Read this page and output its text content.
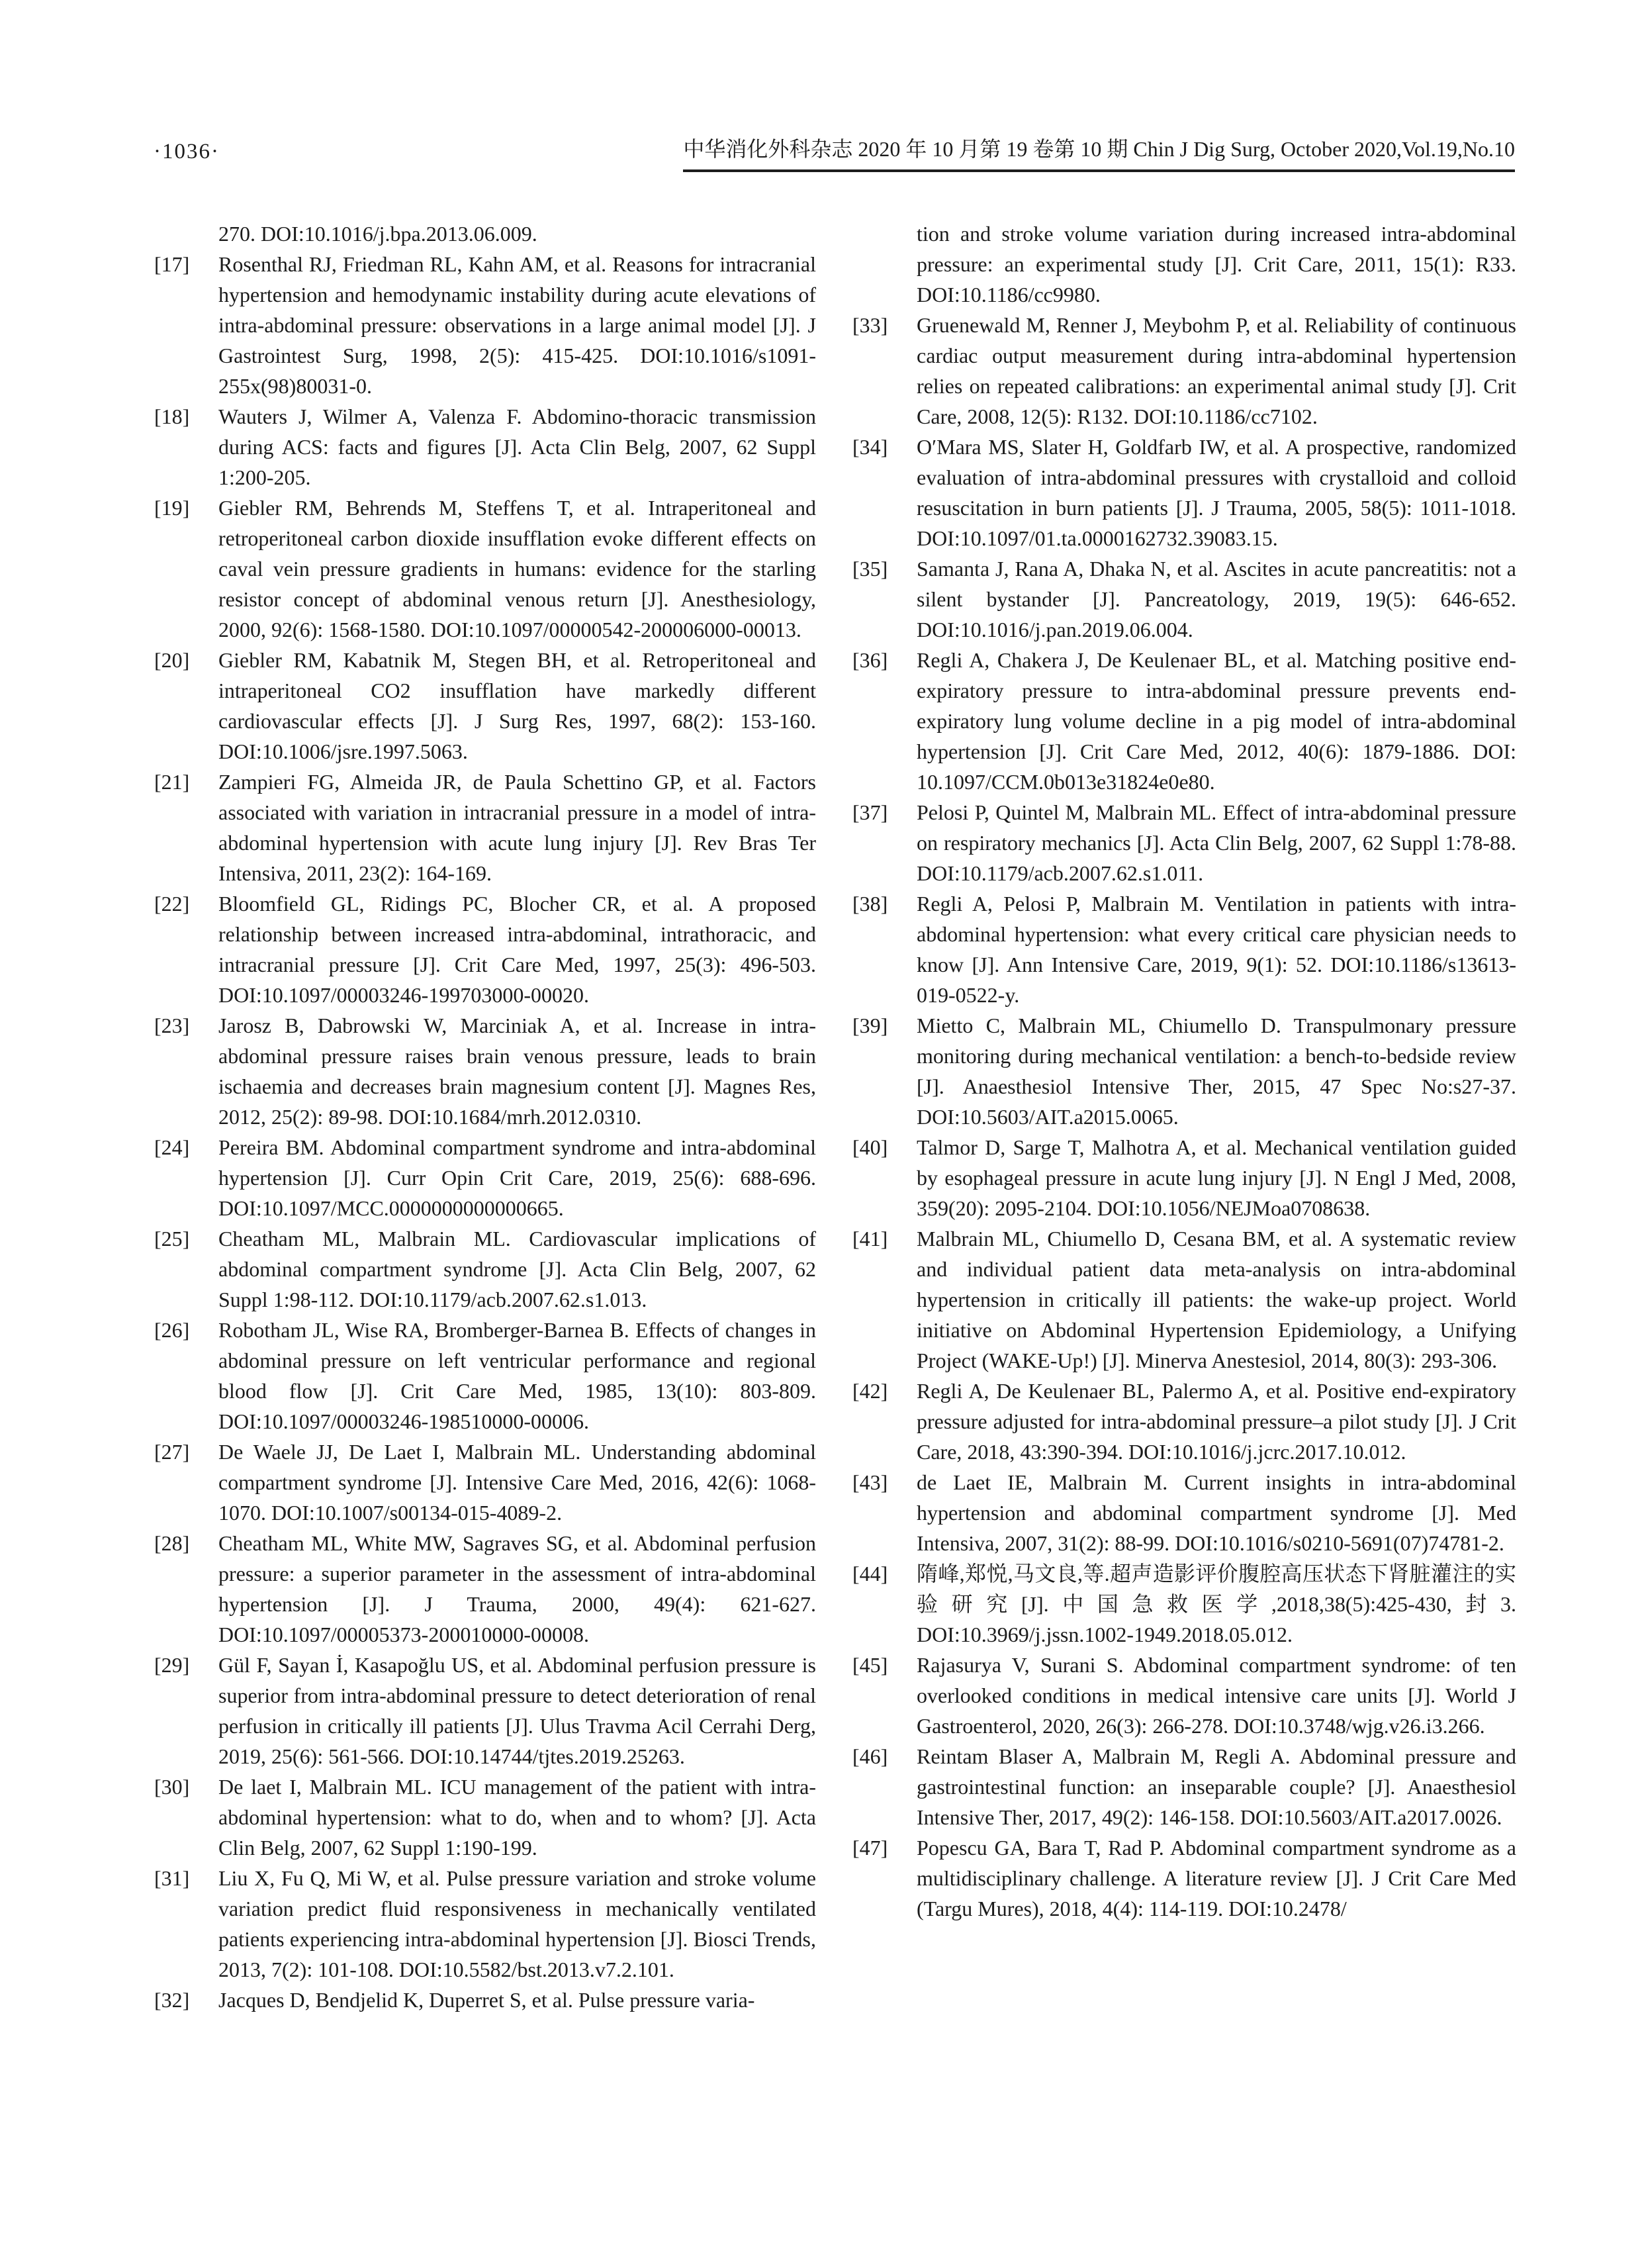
·1036·	中华消化外科杂志 2020 年 10 月第 19 卷第 10 期 Chin J Dig Surg, October 2020,Vol.19,No.10
270. DOI:10.1016/j.bpa.2013.06.009.
[17]	Rosenthal RJ, Friedman RL, Kahn AM, et al. Reasons for intracranial hypertension and hemodynamic instability during acute elevations of intra-abdominal pressure: observations in a large animal model [J]. J Gastrointest Surg, 1998, 2(5): 415-425. DOI:10.1016/s1091-255x(98)80031-0.
[18]	Wauters J, Wilmer A, Valenza F. Abdomino-thoracic transmission during ACS: facts and figures [J]. Acta Clin Belg, 2007, 62 Suppl 1:200-205.
[19]	Giebler RM, Behrends M, Steffens T, et al. Intraperitoneal and retroperitoneal carbon dioxide insufflation evoke different effects on caval vein pressure gradients in humans: evidence for the starling resistor concept of abdominal venous return [J]. Anesthesiology, 2000, 92(6): 1568-1580. DOI:10.1097/00000542-200006000-00013.
[20]	Giebler RM, Kabatnik M, Stegen BH, et al. Retroperitoneal and intraperitoneal CO2 insufflation have markedly different cardiovascular effects [J]. J Surg Res, 1997, 68(2): 153-160. DOI:10.1006/jsre.1997.5063.
[21]	Zampieri FG, Almeida JR, de Paula Schettino GP, et al. Factors associated with variation in intracranial pressure in a model of intra-abdominal hypertension with acute lung injury [J]. Rev Bras Ter Intensiva, 2011, 23(2): 164-169.
[22]	Bloomfield GL, Ridings PC, Blocher CR, et al. A proposed relationship between increased intra-abdominal, intrathoracic, and intracranial pressure [J]. Crit Care Med, 1997, 25(3): 496-503. DOI:10.1097/00003246-199703000-00020.
[23]	Jarosz B, Dabrowski W, Marciniak A, et al. Increase in intra-abdominal pressure raises brain venous pressure, leads to brain ischaemia and decreases brain magnesium content [J]. Magnes Res, 2012, 25(2): 89-98. DOI:10.1684/mrh.2012.0310.
[24]	Pereira BM. Abdominal compartment syndrome and intra-abdominal hypertension [J]. Curr Opin Crit Care, 2019, 25(6): 688-696. DOI:10.1097/MCC.0000000000000665.
[25]	Cheatham ML, Malbrain ML. Cardiovascular implications of abdominal compartment syndrome [J]. Acta Clin Belg, 2007, 62 Suppl 1:98-112. DOI:10.1179/acb.2007.62.s1.013.
[26]	Robotham JL, Wise RA, Bromberger-Barnea B. Effects of changes in abdominal pressure on left ventricular performance and regional blood flow [J]. Crit Care Med, 1985, 13(10): 803-809. DOI:10.1097/00003246-198510000-00006.
[27]	De Waele JJ, De Laet I, Malbrain ML. Understanding abdominal compartment syndrome [J]. Intensive Care Med, 2016, 42(6): 1068-1070. DOI:10.1007/s00134-015-4089-2.
[28]	Cheatham ML, White MW, Sagraves SG, et al. Abdominal perfusion pressure: a superior parameter in the assessment of intra-abdominal hypertension [J]. J Trauma, 2000, 49(4): 621-627. DOI:10.1097/00005373-200010000-00008.
[29]	Gül F, Sayan İ, Kasapoğlu US, et al. Abdominal perfusion pressure is superior from intra-abdominal pressure to detect deterioration of renal perfusion in critically ill patients [J]. Ulus Travma Acil Cerrahi Derg, 2019, 25(6): 561-566. DOI:10.14744/tjtes.2019.25263.
[30]	De laet I, Malbrain ML. ICU management of the patient with intra-abdominal hypertension: what to do, when and to whom? [J]. Acta Clin Belg, 2007, 62 Suppl 1:190-199.
[31]	Liu X, Fu Q, Mi W, et al. Pulse pressure variation and stroke volume variation predict fluid responsiveness in mechanically ventilated patients experiencing intra-abdominal hypertension [J]. Biosci Trends, 2013, 7(2): 101-108. DOI:10.5582/bst.2013.v7.2.101.
[32]	Jacques D, Bendjelid K, Duperret S, et al. Pulse pressure varia-
tion and stroke volume variation during increased intra-abdominal pressure: an experimental study [J]. Crit Care, 2011, 15(1): R33. DOI:10.1186/cc9980.
[33]	Gruenewald M, Renner J, Meybohm P, et al. Reliability of continuous cardiac output measurement during intra-abdominal hypertension relies on repeated calibrations: an experimental animal study [J]. Crit Care, 2008, 12(5): R132. DOI:10.1186/cc7102.
[34]	O′Mara MS, Slater H, Goldfarb IW, et al. A prospective, randomized evaluation of intra-abdominal pressures with crystalloid and colloid resuscitation in burn patients [J]. J Trauma, 2005, 58(5): 1011-1018. DOI:10.1097/01.ta.0000162732.39083.15.
[35]	Samanta J, Rana A, Dhaka N, et al. Ascites in acute pancreatitis: not a silent bystander [J]. Pancreatology, 2019, 19(5): 646-652. DOI:10.1016/j.pan.2019.06.004.
[36]	Regli A, Chakera J, De Keulenaer BL, et al. Matching positive end-expiratory pressure to intra-abdominal pressure prevents end-expiratory lung volume decline in a pig model of intra-abdominal hypertension [J]. Crit Care Med, 2012, 40(6): 1879-1886. DOI: 10.1097/CCM.0b013e31824e0e80.
[37]	Pelosi P, Quintel M, Malbrain ML. Effect of intra-abdominal pressure on respiratory mechanics [J]. Acta Clin Belg, 2007, 62 Suppl 1:78-88. DOI:10.1179/acb.2007.62.s1.011.
[38]	Regli A, Pelosi P, Malbrain M. Ventilation in patients with intra-abdominal hypertension: what every critical care physician needs to know [J]. Ann Intensive Care, 2019, 9(1): 52. DOI:10.1186/s13613-019-0522-y.
[39]	Mietto C, Malbrain ML, Chiumello D. Transpulmonary pressure monitoring during mechanical ventilation: a bench-to-bedside review [J]. Anaesthesiol Intensive Ther, 2015, 47 Spec No:s27-37. DOI:10.5603/AIT.a2015.0065.
[40]	Talmor D, Sarge T, Malhotra A, et al. Mechanical ventilation guided by esophageal pressure in acute lung injury [J]. N Engl J Med, 2008, 359(20): 2095-2104. DOI:10.1056/NEJMoa0708638.
[41]	Malbrain ML, Chiumello D, Cesana BM, et al. A systematic review and individual patient data meta-analysis on intra-abdominal hypertension in critically ill patients: the wake-up project. World initiative on Abdominal Hypertension Epidemiology, a Unifying Project (WAKE-Up!) [J]. Minerva Anestesiol, 2014, 80(3): 293-306.
[42]	Regli A, De Keulenaer BL, Palermo A, et al. Positive end-expiratory pressure adjusted for intra-abdominal pressure–a pilot study [J]. J Crit Care, 2018, 43:390-394. DOI:10.1016/j.jcrc.2017.10.012.
[43]	de Laet IE, Malbrain M. Current insights in intra-abdominal hypertension and abdominal compartment syndrome [J]. Med Intensiva, 2007, 31(2): 88-99. DOI:10.1016/s0210-5691(07)74781-2.
[44]	隋峰,郑悦,马文良,等.超声造影评价腹腔高压状态下肾脏灌注的实验研究[J].中国急救医学,2018,38(5):425-430,封3. DOI:10.3969/j.jssn.1002-1949.2018.05.012.
[45]	Rajasurya V, Surani S. Abdominal compartment syndrome: of ten overlooked conditions in medical intensive care units [J]. World J Gastroenterol, 2020, 26(3): 266-278. DOI:10.3748/wjg.v26.i3.266.
[46]	Reintam Blaser A, Malbrain M, Regli A. Abdominal pressure and gastrointestinal function: an inseparable couple? [J]. Anaesthesiol Intensive Ther, 2017, 49(2): 146-158. DOI:10.5603/AIT.a2017.0026.
[47]	Popescu GA, Bara T, Rad P. Abdominal compartment syndrome as a multidisciplinary challenge. A literature review [J]. J Crit Care Med (Targu Mures), 2018, 4(4): 114-119. DOI:10.2478/
